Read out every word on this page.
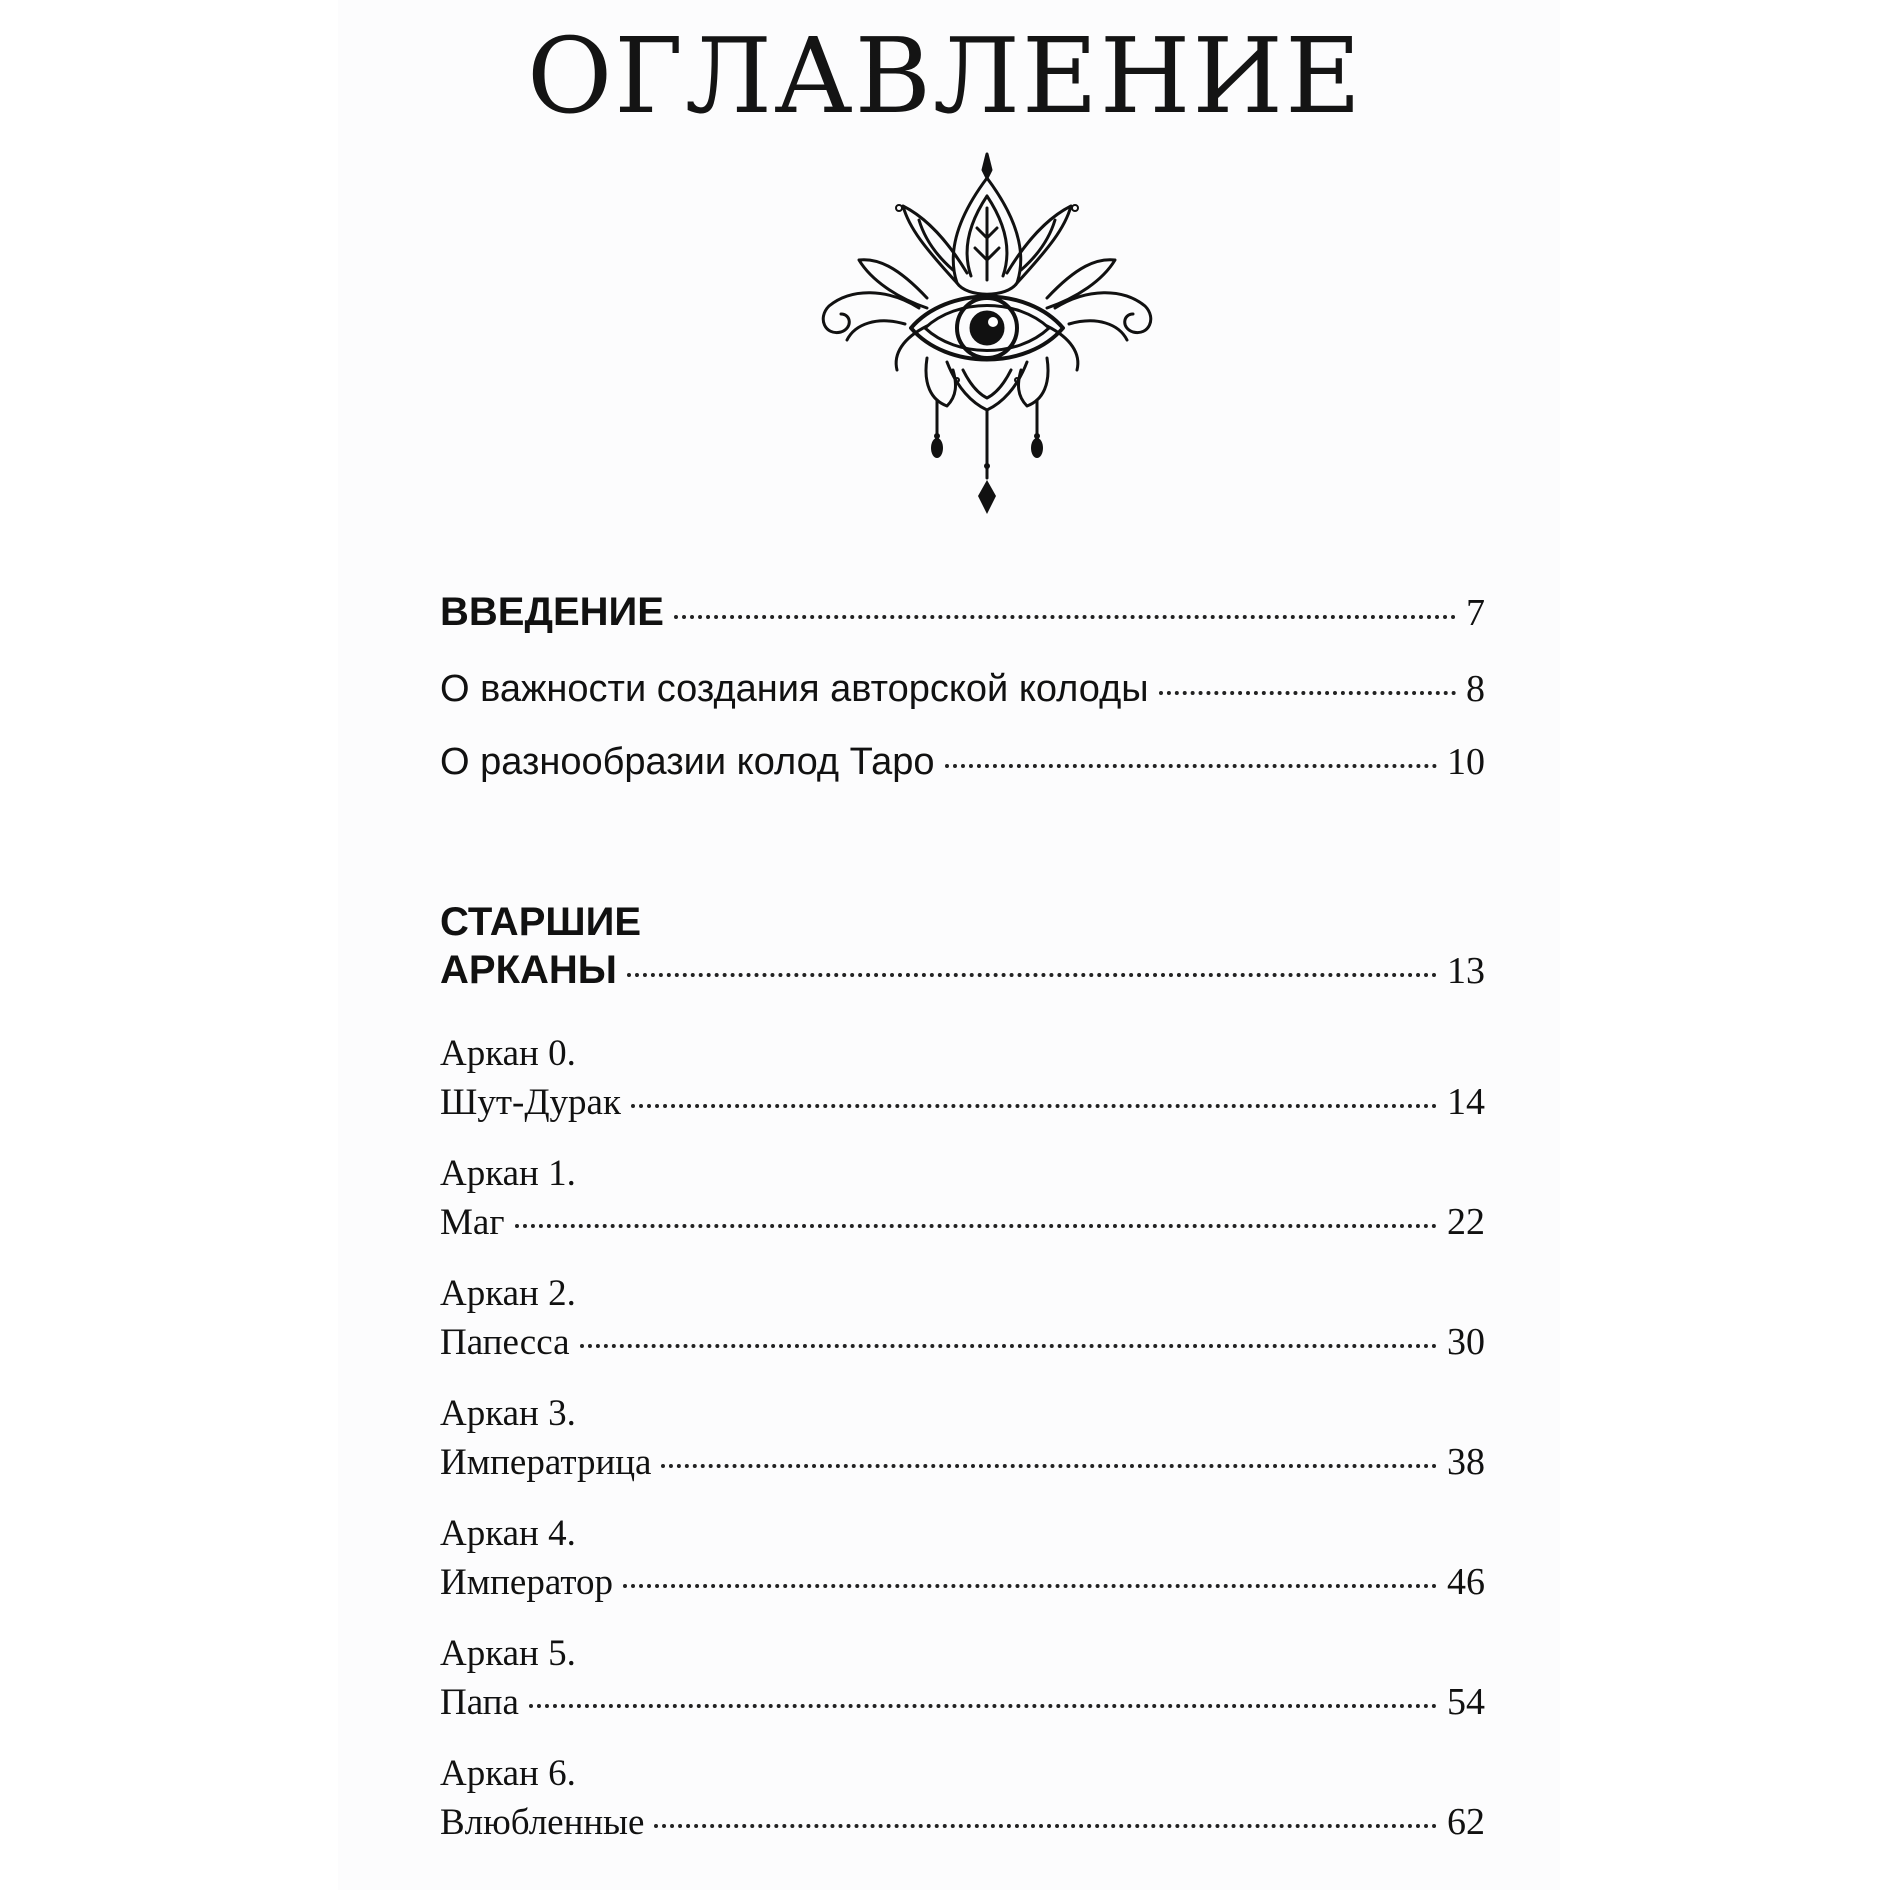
ОГЛАВЛЕНИЕ
ВВЕДЕНИЕ	7
О важности создания авторской колоды	8
О разнообразии колод Таро	10
СТАРШИЕ
АРКАНЫ	13
Аркан 0.
Шут-Дурак	14
Аркан 1.
Маг	22
Аркан 2.
Папесса	30
Аркан 3.
Императрица	38
Аркан 4.
Император	46
Аркан 5.
Папа	54
Аркан 6.
Влюбленные	62
